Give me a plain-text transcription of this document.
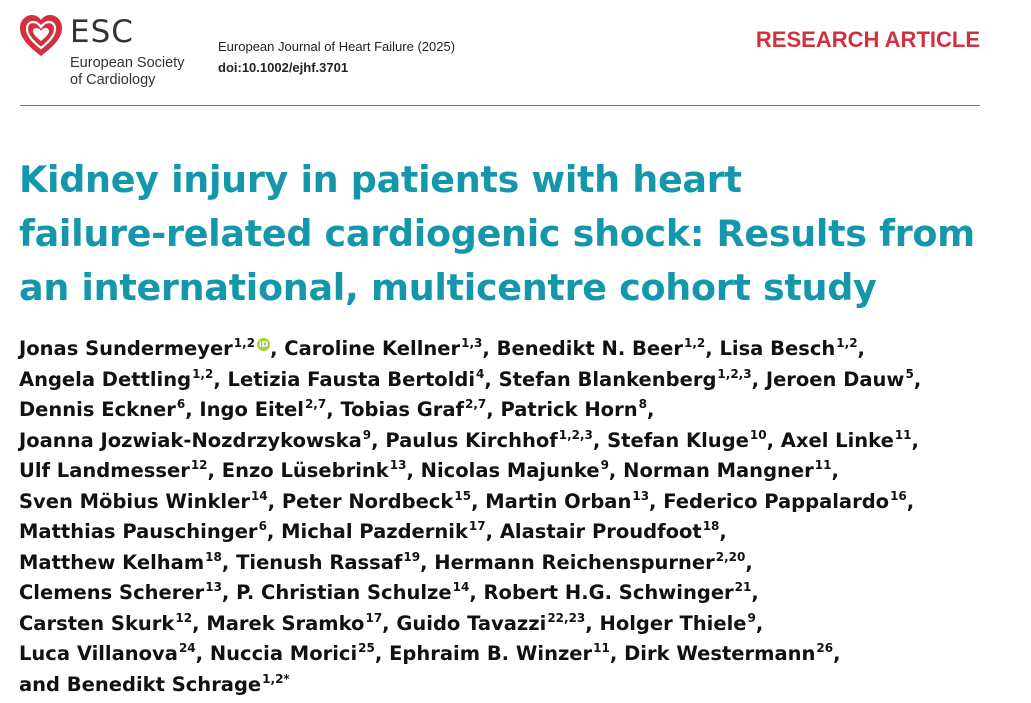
ESC
European Society
of Cardiology
European Journal of Heart Failure (2025)
doi:10.1002/ejhf.3701
RESEARCH ARTICLE
Kidney injury in patients with heart
failure-related cardiogenic shock: Results from
an international, multicentre cohort study
Jonas Sundermeyer$^{1,2}$ iD, Caroline Kellner$^{1,3}$, Benedikt N. Beer$^{1,2}$, Lisa Besch$^{1,2}$,
Angela Dettling$^{1,2}$, Letizia Fausta Bertoldi$^4$, Stefan Blankenberg$^{1,2,3}$, Jeroen Dauw$^5$,
Dennis Eckner$^6$, Ingo Eitel$^{2,7}$, Tobias Graf$^{2,7}$, Patrick Horn$^8$,
Joanna Jozwiak-Nozdrzykowska$^9$, Paulus Kirchhof$^{1,2,3}$, Stefan Kluge$^{10}$, Axel Linke$^{11}$,
Ulf Landmesser$^{12}$, Enzo Lüsebrink$^{13}$, Nicolas Majunke$^9$, Norman Mangner$^{11}$,
Sven Möbius Winkler$^{14}$, Peter Nordbeck$^{15}$, Martin Orban$^{13}$, Federico Pappalardo$^{16}$,
Matthias Pauschinger$^6$, Michal Pazdernik$^{17}$, Alastair Proudfoot$^{18}$,
Matthew Kelham$^{18}$, Tienush Rassaf$^{19}$, Hermann Reichenspurner$^{2,20}$,
Clemens Scherer$^{13}$, P. Christian Schulze$^{14}$, Robert H.G. Schwinger$^{21}$,
Carsten Skurk$^{12}$, Marek Sramko$^{17}$, Guido Tavazzi$^{22,23}$, Holger Thiele$^9$,
Luca Villanova$^{24}$, Nuccia Morici$^{25}$, Ephraim B. Winzer$^{11}$, Dirk Westermann$^{26}$,
and Benedikt Schrage$^{1,2*}$
